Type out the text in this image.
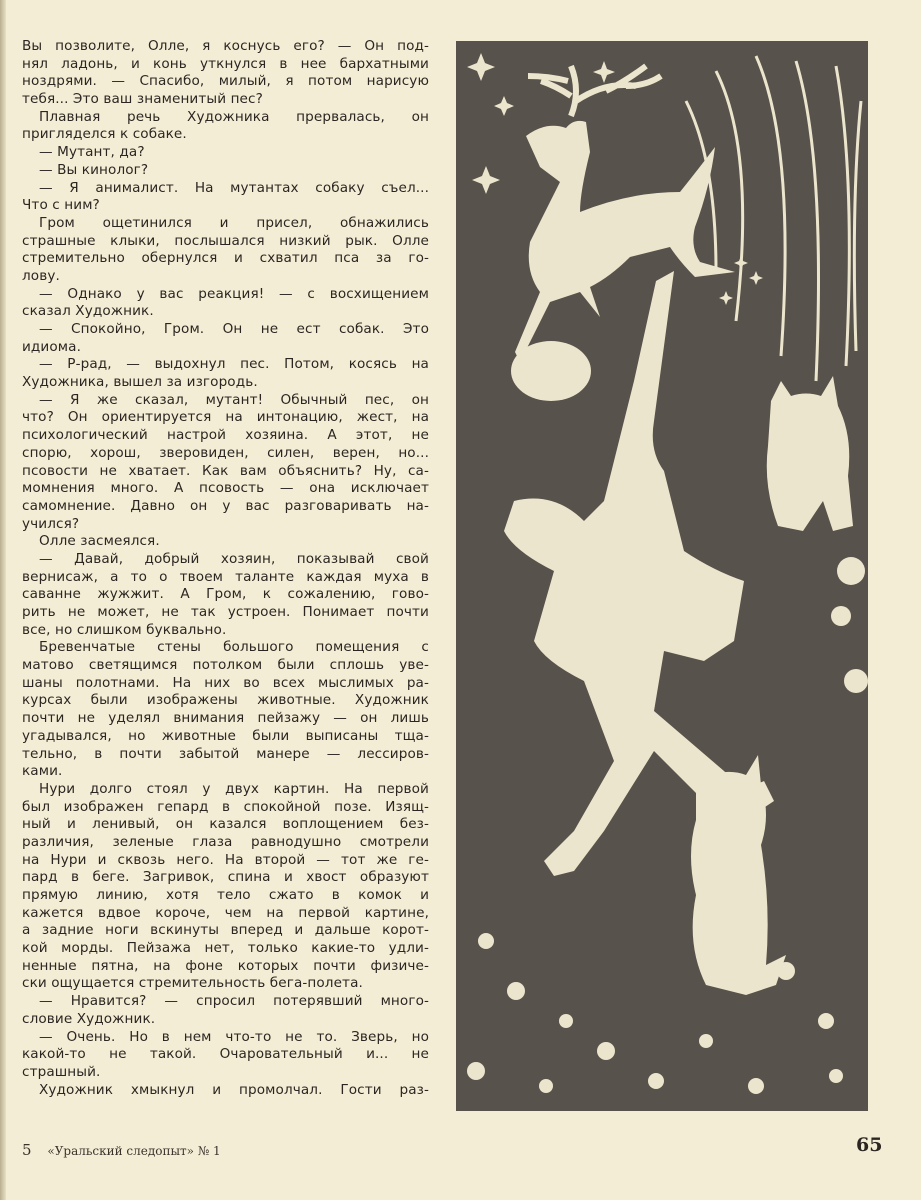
Вы позволите, Олле, я коснусь его? — Он под-
нял ладонь, и конь уткнулся в нее бархатными
ноздрями. — Спасибо, милый, я потом нарисую
тебя... Это ваш знаменитый пес?
Плавная речь Художника прервалась, он
пригляделся к собаке.
— Мутант, да?
— Вы кинолог?
— Я анималист. На мутантах собаку съел...
Что с ним?
Гром ощетинился и присел, обнажились
страшные клыки, послышался низкий рык. Олле
стремительно обернулся и схватил пса за го-
лову.
— Однако у вас реакция! — с восхищением
сказал Художник.
— Спокойно, Гром. Он не ест собак. Это
идиома.
— Р-рад, — выдохнул пес. Потом, косясь на
Художника, вышел за изгородь.
— Я же сказал, мутант! Обычный пес, он
что? Он ориентируется на интонацию, жест, на
психологический настрой хозяина. А этот, не
спорю, хорош, зверовиден, силен, верен, но...
псовости не хватает. Как вам объяснить? Ну, са-
момнения много. А псовость — она исключает
самомнение. Давно он у вас разговаривать на-
учился?
Олле засмеялся.
— Давай, добрый хозяин, показывай свой
вернисаж, а то о твоем таланте каждая муха в
саванне жужжит. А Гром, к сожалению, гово-
рить не может, не так устроен. Понимает почти
все, но слишком буквально.
Бревенчатые стены большого помещения с
матово светящимся потолком были сплошь уве-
шаны полотнами. На них во всех мыслимых ра-
курсах были изображены животные. Художник
почти не уделял внимания пейзажу — он лишь
угадывался, но животные были выписаны тща-
тельно, в почти забытой манере — лессиров-
ками.
Нури долго стоял у двух картин. На первой
был изображен гепард в спокойной позе. Изящ-
ный и ленивый, он казался воплощением без-
различия, зеленые глаза равнодушно смотрели
на Нури и сквозь него. На второй — тот же ге-
пард в беге. Загривок, спина и хвост образуют
прямую линию, хотя тело сжато в комок и
кажется вдвое короче, чем на первой картине,
а задние ноги вскинуты вперед и дальше корот-
кой морды. Пейзажа нет, только какие-то удли-
ненные пятна, на фоне которых почти физиче-
ски ощущается стремительность бега-полета.
— Нравится? — спросил потерявший много-
словие Художник.
— Очень. Но в нем что-то не то. Зверь, но
какой-то не такой. Очаровательный и... не
страшный.
Художник хмыкнул и промолчал. Гости раз-
5 «Уральский следопыт» № 1	65
